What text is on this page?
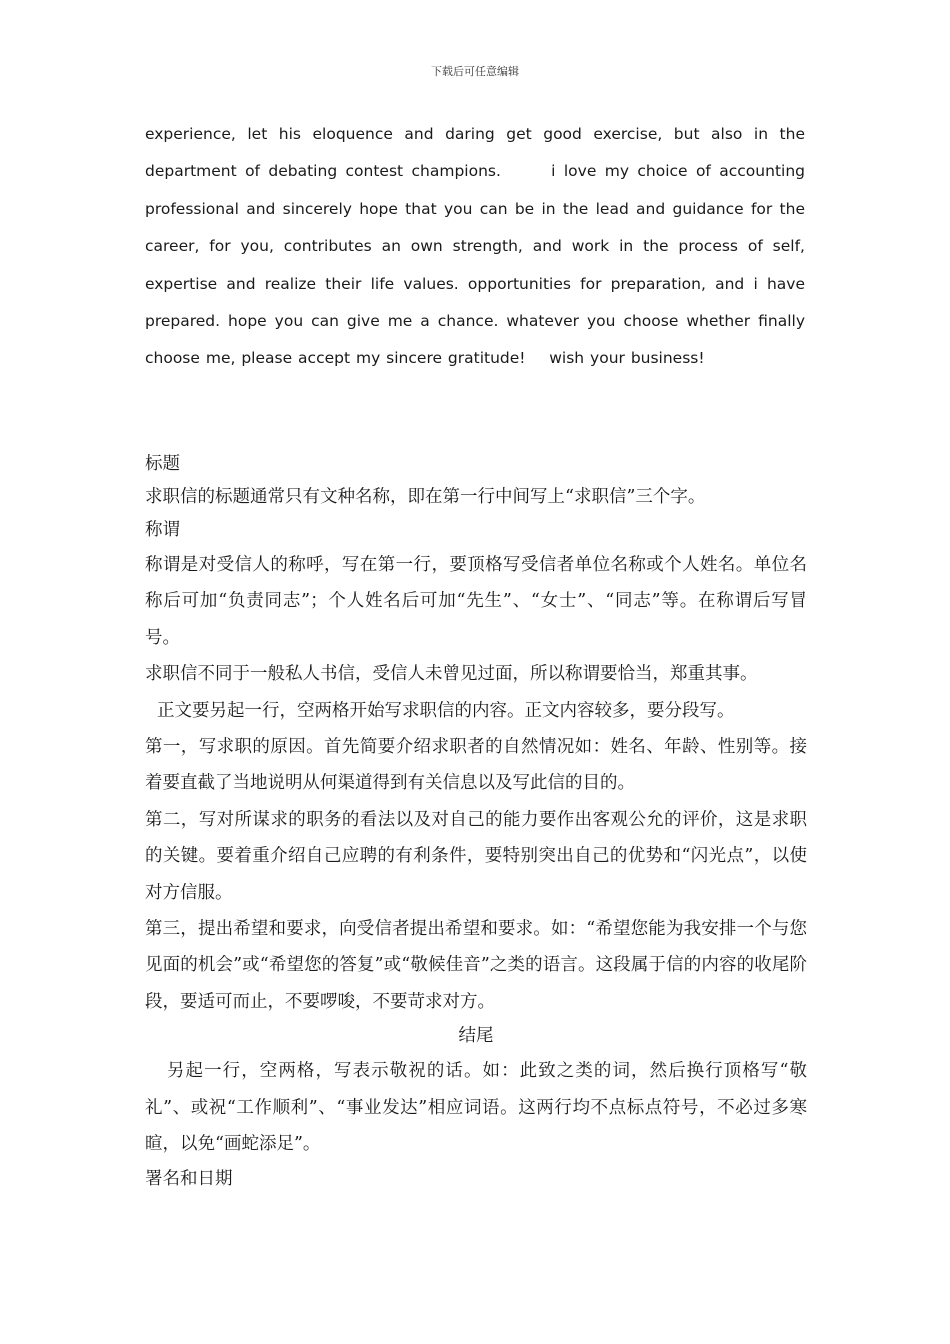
下载后可任意编辑

experience, let his eloquence and daring get good exercise, but also in the department of debating contest champions.      i love my choice of accounting professional and sincerely hope that you can be in the lead and guidance for the career, for you, contributes an own strength, and work in the process of self, expertise and realize their life values. opportunities for preparation, and i have prepared. hope you can give me a chance. whatever you choose whether finally choose me, please accept my sincere gratitude!    wish your business!

标题

求职信的标题通常只有文种名称，即在第一行中间写上“求职信”三个字。

称谓

称谓是对受信人的称呼，写在第一行，要顶格写受信者单位名称或个人姓名。单位名称后可加“负责同志”；个人姓名后可加“先生”、“女士”、“同志”等。在称谓后写冒号。

求职信不同于一般私人书信，受信人未曾见过面，所以称谓要恰当，郑重其事。

正文要另起一行，空两格开始写求职信的内容。正文内容较多，要分段写。

第一，写求职的原因。首先简要介绍求职者的自然情况如：姓名、年龄、性别等。接着要直截了当地说明从何渠道得到有关信息以及写此信的目的。

第二，写对所谋求的职务的看法以及对自己的能力要作出客观公允的评价，这是求职的关键。要着重介绍自己应聘的有利条件，要特别突出自己的优势和“闪光点”，以使对方信服。

第三，提出希望和要求，向受信者提出希望和要求。如：“希望您能为我安排一个与您见面的机会”或“希望您的答复”或“敬候佳音”之类的语言。这段属于信的内容的收尾阶段，要适可而止，不要啰唆，不要苛求对方。

结尾

另起一行，空两格，写表示敬祝的话。如：此致之类的词，然后换行顶格写“敬礼”、或祝“工作顺利”、“事业发达”相应词语。这两行均不点标点符号，不必过多寒暄，以免“画蛇添足”。

署名和日期
